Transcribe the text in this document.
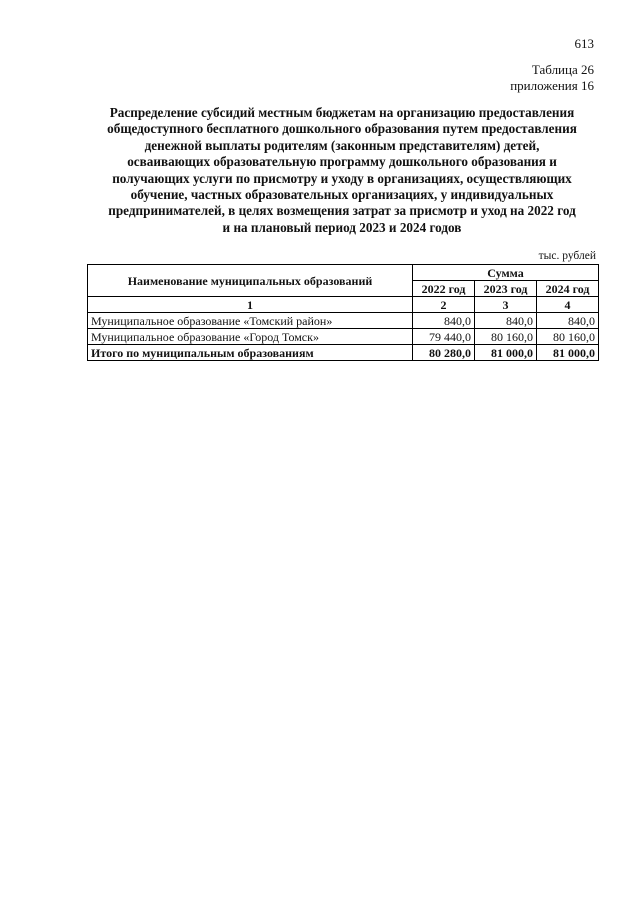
613
Таблица 26
приложения 16
Распределение субсидий местным бюджетам на организацию предоставления
общедоступного бесплатного дошкольного образования путем предоставления
денежной выплаты родителям (законным представителям) детей,
осваивающих образовательную программу дошкольного образования и
получающих услуги по присмотру и уходу в организациях, осуществляющих
обучение, частных образовательных организациях, у индивидуальных
предпринимателей, в целях возмещения затрат за присмотр и уход на 2022 год
и на плановый период 2023 и 2024 годов
тыс. рублей
Наименование муниципальных образований	Сумма		
	2022 год	2023 год	2024 год
1	2	3	4
Муниципальное образование «Томский район»	840,0	840,0	840,0
Муниципальное образование «Город Томск»	79 440,0	80 160,0	80 160,0
Итого по муниципальным образованиям	80 280,0	81 000,0	81 000,0
